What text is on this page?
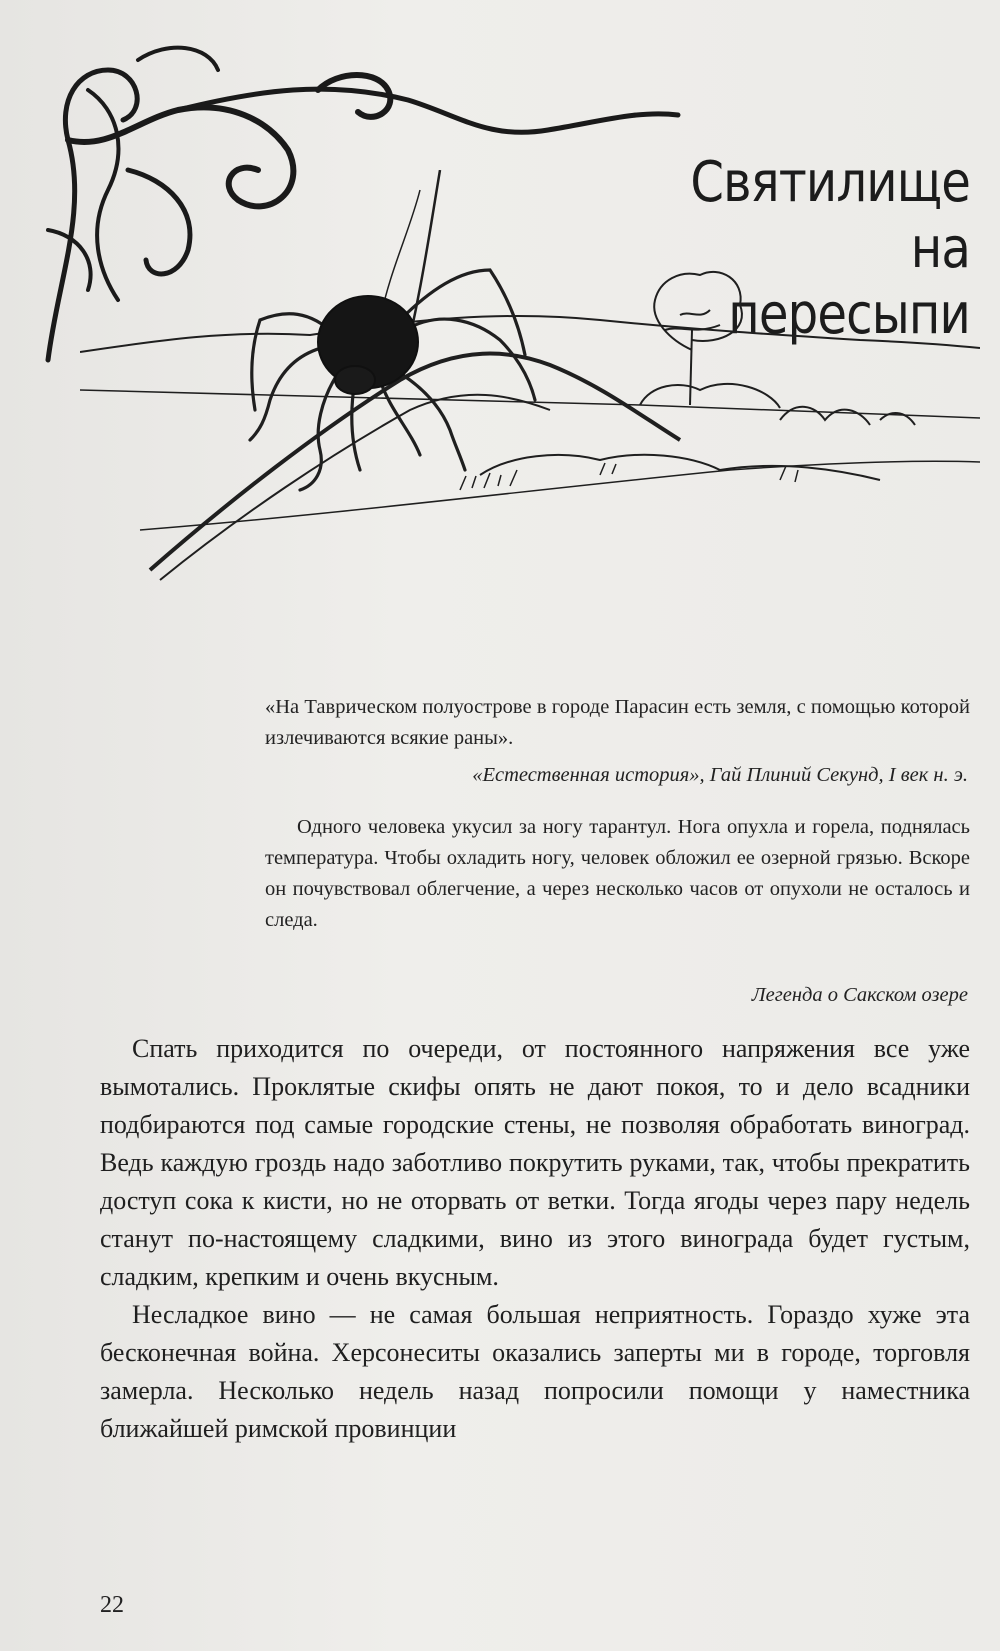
Святилище
на пересыпи
«На Таврическом полуострове в городе Парасин есть земля, с помощью которой излечиваются всякие раны».
«Естественная история», Гай Плиний Секунд, I век н. э.
Одного человека укусил за ногу тарантул. Нога опухла и горела, поднялась температура. Чтобы охладить ногу, человек обложил ее озерной грязью. Вскоре он почувствовал облегчение, а через несколько часов от опухоли не осталось и следа.
Легенда о Сакском озере

Спать приходится по очереди, от постоянного напряжения все уже вымотались. Проклятые скифы опять не дают покоя, то и дело всадники подбираются под самые городские стены, не позволяя обработать виноград. Ведь каждую гроздь надо заботливо покрутить руками, так, чтобы прекратить доступ сока к кисти, но не оторвать от ветки. Тогда ягоды через пару недель станут по-настоящему сладкими, вино из этого винограда будет густым, сладким, крепким и очень вкусным.

Несладкое вино — не самая большая неприятность. Гораздо хуже эта бесконечная война. Херсонеситы оказались заперты ми в городе, торговля замерла. Несколько недель назад попросили помощи у наместника ближайшей римской провинции

22
